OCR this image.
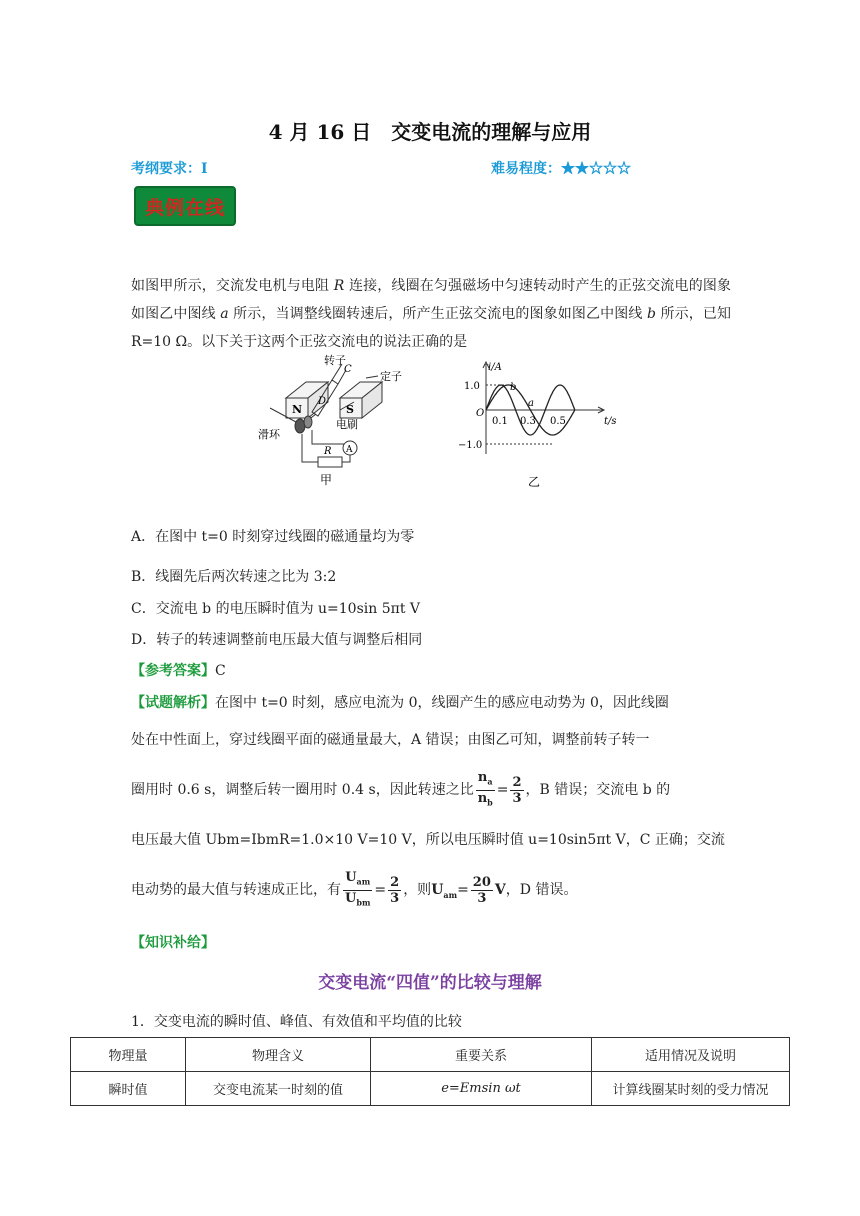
4 月 16 日　交变电流的理解与应用
考纲要求：Ⅰ	难易程度：★★☆☆☆
典例在线
如图甲所示，交流发电机与电阻 R 连接，线圈在匀强磁场中匀速转动时产生的正弦交流电的图象如图乙中图线 a 所示，当调整线圈转速后，所产生正弦交流电的图象如图乙中图线 b 所示，已知 R=10 Ω。以下关于这两个正弦交流电的说法正确的是
转子
C
定子
N	S
D
滑环
电刷
A
R
甲
i/A
t/s
1.0
−1.0
O
0.1 0.3 0.5
a
b
乙
A．在图中 t=0 时刻穿过线圈的磁通量均为零
B．线圈先后两次转速之比为 3:2
C．交流电 b 的电压瞬时值为 u=10sin 5πt V
D．转子的转速调整前电压最大值与调整后相同
【参考答案】C
【试题解析】在图中 t=0 时刻，感应电流为 0，线圈产生的感应电动势为 0，因此线圈
处在中性面上，穿过线圈平面的磁通量最大，A 错误；由图乙可知，调整前转子转一
圈用时 0.6 s，调整后转一圈用时 0.4 s，因此转速之比 $\frac{n_a}{n_b} = \frac{2}{3}$ ，B 错误；交流电 b 的
电压最大值 Ubm=IbmR=1.0×10 V=10 V，所以电压瞬时值 u=10sin5πt V，C 正确；交流
电动势的最大值与转速成正比，有 $\frac{U_{am}}{U_{bm}} = \frac{2}{3}$ ，则$U_{am}= \frac{20}{3}$ V，D 错误。
【知识补给】
交变电流“四值”的比较与理解
1．交变电流的瞬时值、峰值、有效值和平均值的比较
物理量	物理含义	重要关系	适用情况及说明
瞬时值	交变电流某一时刻的值	e=Emsin ωt	计算线圈某时刻的受力情况
